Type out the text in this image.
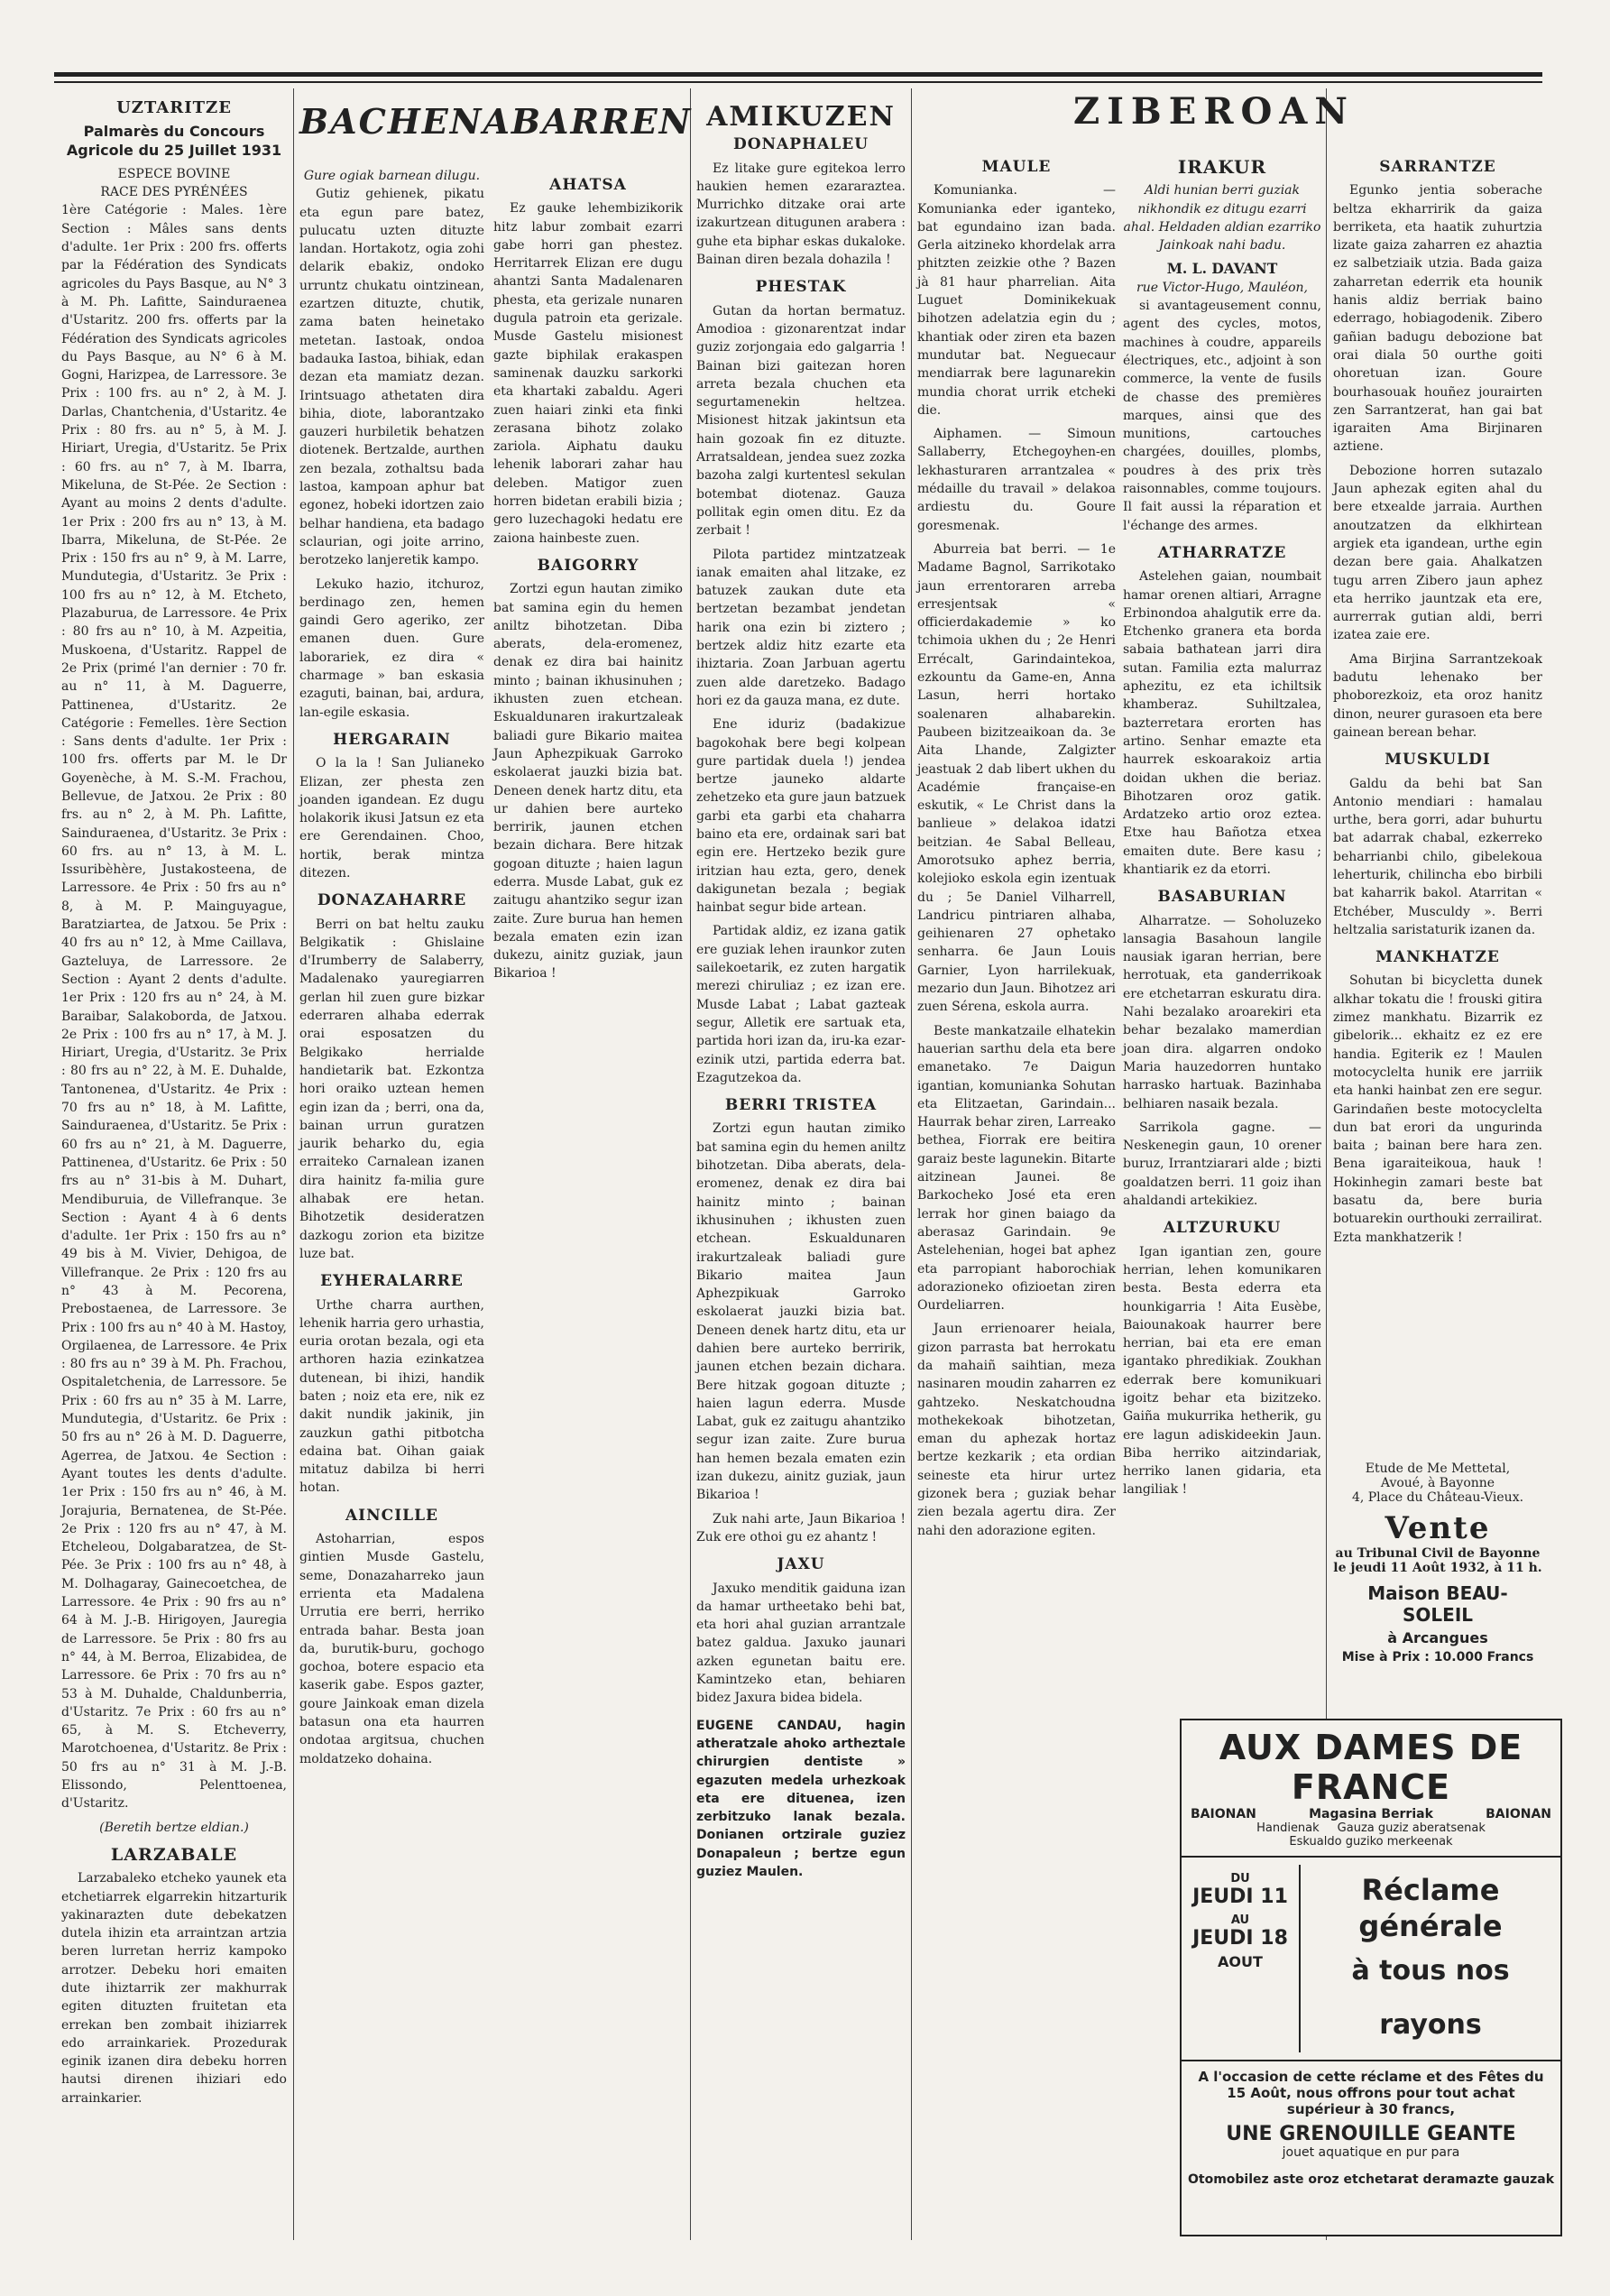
UZTARITZE
Palmarès du Concours Agricole du 25 Juillet 1931
ESPECE BOVINE
RACE DES PYRÉNÉES

1ère Catégorie : Males. 1ère Section : Mâles sans dents d'adulte. 1er Prix : 200 frs. offerts par la Fédération des Syndicats agricoles du Pays Basque, au N° 3 à M. Ph. Lafitte, Sainduraenea d'Ustaritz. 200 frs. offerts par la Fédération des Syndicats agricoles du Pays Basque, au N° 6 à M. Gogni, Harizpea, de Larressore. 3e Prix : 100 frs. au n° 2, à M. J. Darlas, Chantchenia, d'Ustaritz. 4e Prix : 80 frs. au n° 5, à M. J. Hiriart, Uregia, d'Ustaritz. 5e Prix : 60 frs. au n° 7, à M. Ibarra, Mikeluna, de St-Pée. 2e Section : Ayant au moins 2 dents d'adulte. 1er Prix : 200 frs au n° 13, à M. Ibarra, Mikeluna, de St-Pée. 2e Prix : 150 frs au n° 9, à M. Larre, Mundutegia, d'Ustaritz. 3e Prix : 100 frs au n° 12, à M. Etcheto, Plazaburua, de Larressore. 4e Prix : 80 frs au n° 10, à M. Azpeitia, Muskoena, d'Ustaritz. Rappel de 2e Prix (primé l'an dernier : 70 fr. au n° 11, à M. Daguerre, Pattinenea, d'Ustaritz. 2e Catégorie : Femelles. 1ère Section : Sans dents d'adulte. 1er Prix : 100 frs. offerts par M. le Dr Goyenèche, à M. S.-M. Frachou, Bellevue, de Jatxou. 2e Prix : 80 frs. au n° 2, à M. Ph. Lafitte, Sainduraenea, d'Ustaritz. 3e Prix : 60 frs. au n° 13, à M. L. Issuribèhère, Justakosteena, de Larressore. 4e Prix : 50 frs au n° 8, à M. P. Mainguyague, Baratziartea, de Jatxou. 5e Prix : 40 frs au n° 12, à Mme Caillava, Gazteluya, de Larressore. 2e Section : Ayant 2 dents d'adulte. 1er Prix : 120 frs au n° 24, à M. Baraibar, Salakoborda, de Jatxou. 2e Prix : 100 frs au n° 17, à M. J. Hiriart, Uregia, d'Ustaritz. 3e Prix : 80 frs au n° 22, à M. E. Duhalde, Tantonenea, d'Ustaritz. 4e Prix : 70 frs au n° 18, à M. Lafitte, Sainduraenea, d'Ustaritz. 5e Prix : 60 frs au n° 21, à M. Daguerre, Pattinenea, d'Ustaritz. 6e Prix : 50 frs au n° 31-bis à M. Duhart, Mendiburuia, de Villefranque. 3e Section : Ayant 4 à 6 dents d'adulte. 1er Prix : 150 frs au n° 49 bis à M. Vivier, Dehigoa, de Villefranque. 2e Prix : 120 frs au n° 43 à M. Pecorena, Prebostaenea, de Larressore. 3e Prix : 100 frs au n° 40 à M. Hastoy, Orgilaenea, de Larressore. 4e Prix : 80 frs au n° 39 à M. Ph. Frachou, Ospitaletchenia, de Larressore. 5e Prix : 60 frs au n° 35 à M. Larre, Mundutegia, d'Ustaritz. 6e Prix : 50 frs au n° 26 à M. D. Daguerre, Agerrea, de Jatxou. 4e Section : Ayant toutes les dents d'adulte. 1er Prix : 150 frs au n° 46, à M. Jorajuria, Bernatenea, de St-Pée. 2e Prix : 120 frs au n° 47, à M. Etcheleou, Dolgabaratzea, de St-Pée. 3e Prix : 100 frs au n° 48, à M. Dolhagaray, Gainecoetchea, de Larressore. 4e Prix : 90 frs au n° 64 à M. J.-B. Hirigoyen, Jauregia de Larressore. 5e Prix : 80 frs au n° 44, à M. Berroa, Elizabidea, de Larressore. 6e Prix : 70 frs au n° 53 à M. Duhalde, Chaldunberria, d'Ustaritz. 7e Prix : 60 frs au n° 65, à M. S. Etcheverry, Marotchoenea, d'Ustaritz. 8e Prix : 50 frs au n° 31 à M. J.-B. Elissondo, Pelenttoenea, d'Ustaritz.

(Beretih bertze eldian.)
LARZABALE

Larzabaleko etcheko yaunek eta etchetiarrek elgarrekin hitzarturik yakinarazten dute debekatzen dutela ihizin eta arraintzan artzia beren lurretan herriz kampoko arrotzer. Debeku hori emaiten dute ihiztarrik zer makhurrak egiten dituzten fruitetan eta errekan ben zombait ihiziarrek edo arrainkariek. Prozedurak eginik izanen dira debeku horren hautsi direnen ihiziari edo arrainkarier.

BACHENABARREN
Gure ogiak barnean dilugu.

Gutiz gehienek, pikatu eta egun pare batez, pulucatu uzten dituzte landan. Hortakotz, ogia zohi delarik ebakiz, ondoko urruntz chukatu ointzinean, ezartzen dituzte, chutik, zama baten heinetako metetan. Iastoak, ondoa badauka Iastoa, bihiak, edan dezan eta mamiatz dezan. Irintsuago athetaten dira bihia, diote, laborantzako gauzeri hurbiletik behatzen diotenek. Bertzalde, aurthen zen bezala, zothaltsu bada lastoa, kampoan aphur bat egonez, hobeki idortzen zaio belhar handiena, eta badago sclaurian, ogi joite arrino, berotzeko lanjeretik kampo.

Lekuko hazio, itchuroz, berdinago zen, hemen gaindi Gero ageriko, zer emanen duen. Gure laborariek, ez dira « charmage » ban eskasia ezaguti, bainan, bai, ardura, lan-egile eskasia.

HERGARAIN

O la la ! San Julianeko Elizan, zer phesta zen joanden igandean. Ez dugu holakorik ikusi Jatsun ez eta ere Gerendainen. Choo, hortik, berak mintza ditezen.

DONAZAHARRE

Berri on bat heltu zauku Belgikatik : Ghislaine d'Irumberry de Salaberry, Madalenako yauregiarren gerlan hil zuen gure bizkar ederraren alhaba ederrak orai esposatzen du Belgikako herrialde handietarik bat. Ezkontza hori oraiko uztean hemen egin izan da ; berri, ona da, bainan urrun guratzen jaurik beharko du, egia erraiteko Carnalean izanen dira hainitz fa-milia gure alhabak ere hetan. Bihotzetik desideratzen dazkogu zorion eta bizitze luze bat.

EYHERALARRE

Urthe charra aurthen, lehenik harria gero urhastia, euria orotan bezala, ogi eta arthoren hazia ezinkatzea dutenean, bi ihizi, handik baten ; noiz eta ere, nik ez dakit nundik jakinik, jin zauzkun gathi pitbotcha edaina bat. Oihan gaiak mitatuz dabilza bi herri hotan.

AINCILLE

Astoharrian, espos gintien Musde Gastelu, seme, Donazaharreko jaun errienta eta Madalena Urrutia ere berri, herriko entrada bahar. Besta joan da, burutik-buru, gochogo gochoa, botere espacio eta kaserik gabe. Espos gazter, goure Jainkoak eman dizela batasun ona eta haurren ondotaa argitsua, chuchen moldatzeko dohaina.

AHATSA

Ez gauke lehembizikorik hitz labur zombait ezarri gabe horri gan phestez. Herritarrek Elizan ere dugu ahantzi Santa Madalenaren phesta, eta gerizale nunaren dugula patroin eta gerizale. Musde Gastelu misionest gazte biphilak erakaspen saminenak dauzku sarkorki eta khartaki zabaldu. Ageri zuen haiari zinki eta finki zerasana bihotz zolako zariola. Aiphatu dauku lehenik laborari zahar hau deleben. Matigor zuen horren bidetan erabili bizia ; gero luzechagoki hedatu ere zaiona hainbeste zuen.

BAIGORRY

Zortzi egun hautan zimiko bat samina egin du hemen aniltz bihotzetan. Diba aberats, dela-eromenez, denak ez dira bai hainitz minto ; bainan ikhusinuhen ; ikhusten zuen etchean. Eskualdunaren irakurtzaleak baliadi gure Bikario maitea Jaun Aphezpikuak Garroko eskolaerat jauzki bizia bat. Deneen denek hartz ditu, eta ur dahien bere aurteko berririk, jaunen etchen bezain dichara. Bere hitzak gogoan dituzte ; haien lagun ederra. Musde Labat, guk ez zaitugu ahantziko segur izan zaite. Zure burua han hemen bezala ematen ezin izan dukezu, ainitz guziak, jaun Bikarioa !

AMIKUZEN
DONAPHALEU

Ez litake gure egitekoa lerro haukien hemen ezararaztea. Murrichko ditzake orai arte izakurtzean ditugunen arabera : guhe eta biphar eskas dukaloke. Bainan diren bezala dohazila !

PHESTAK

Gutan da hortan bermatuz. Amodioa : gizonarentzat indar guziz zorjongaia edo galgarria ! Bainan bizi gaitezan horen arreta bezala chuchen eta segurtamenekin heltzea. Misionest hitzak jakintsun eta hain gozoak fin ez dituzte. Arratsaldean, jendea suez zozka bazoha zalgi kurtentesl sekulan botembat diotenaz. Gauza pollitak egin omen ditu. Ez da zerbait !

Pilota partidez mintzatzeak ianak emaiten ahal litzake, ez batuzek zaukan dute eta bertzetan bezambat jendetan harik ona ezin bi ziztero ; bertzek aldiz hitz ezarte eta ihiztaria. Zoan Jarbuan agertu zuen alde daretzeko. Badago hori ez da gauza mana, ez dute.

Ene iduriz (badakizue bagokohak bere begi kolpean gure partidak duela !) jendea bertze jauneko aldarte zehetzeko eta gure jaun batzuek garbi eta garbi eta chaharra baino eta ere, ordainak sari bat egin ere. Hertzeko bezik gure iritzian hau ezta, gero, denek dakigunetan bezala ; begiak hainbat segur bide artean.

Partidak aldiz, ez izana gatik ere guziak lehen iraunkor zuten sailekoetarik, ez zuten hargatik merezi chiruliaz ; ez izan ere. Musde Labat ; Labat gazteak segur, Alletik ere sartuak eta, partida hori izan da, iru-ka ezar-ezinik utzi, partida ederra bat. Ezagutzekoa da.

BERRI TRISTEA

Zortzi egun hautan zimiko bat samina egin du hemen aniltz bihotzetan. Diba aberats, dela-eromenez, denak ez dira bai hainitz minto ; bainan ikhusinuhen ; ikhusten zuen etchean. Eskualdunaren irakurtzaleak baliadi gure Bikario maitea Jaun Aphezpikuak Garroko eskolaerat jauzki bizia bat. Deneen denek hartz ditu, eta ur dahien bere aurteko berririk, jaunen etchen bezain dichara. Bere hitzak gogoan dituzte ; haien lagun ederra. Musde Labat, guk ez zaitugu ahantziko segur izan zaite. Zure burua han hemen bezala ematen ezin izan dukezu, ainitz guziak, jaun Bikarioa !

Zuk nahi arte, Jaun Bikarioa ! Zuk ere othoi gu ez ahantz !

JAXU

Jaxuko menditik gaiduna izan da hamar urtheetako behi bat, eta hori ahal guzian arrantzale batez galdua. Jaxuko jaunari azken egunetan baitu ere. Kamintzeko etan, behiaren bidez Jaxura bidea bidela.

EUGENE CANDAU, hagin atheratzale ahoko artheztale chirurgien dentiste » egazuten medela urhezkoak eta ere dituenea, izen zerbitzuko lanak bezala. Donianen ortzirale guziez Donapaleun ; bertze egun guziez Maulen.

ZIBEROAN
MAULE

Komunianka. — Komunianka eder iganteko, bat egundaino izan bada. Gerla aitzineko khordelak arra phitzten zeizkie othe ? Bazen jà 81 haur pharrelian. Aita Luguet Dominikekuak bihotzen adelatzia egin du ; khantiak oder ziren eta bazen mundutar bat. Neguecaur mendiarrak bere lagunarekin mundia chorat urrik etcheki die.

Aiphamen. — Simoun Sallaberry, Etchegoyhen-en lekhasturaren arrantzalea « médaille du travail » delakoa ardiestu du. Goure goresmenak.

Aburreia bat berri. — 1e Madame Bagnol, Sarrikotako jaun errentoraren arreba erresjentsak « officierdakademie » ko tchimoia ukhen du ; 2e Henri Errécalt, Garindaintekoa, ezkountu da Game-en, Anna Lasun, herri hortako soalenaren alhabarekin. Paubeen bizitzeaikoan da. 3e Aita Lhande, Zalgizter jeastuak 2 dab libert ukhen du Académie française-en eskutik, « Le Christ dans la banlieue » delakoa idatzi beitzian. 4e Sabal Belleau, Amorotsuko aphez berria, kolejioko eskola egin izentuak du ; 5e Daniel Vilharrell, Landricu pintriaren alhaba, geihienaren 27 ophetako senharra. 6e Jaun Louis Garnier, Lyon harrilekuak, mezario dun Jaun. Bihotzez ari zuen Sérena, eskola aurra.

Beste mankatzaile elhatekin hauerian sarthu dela eta bere emanetako. 7e Daigun igantian, komunianka Sohutan eta Elitzaetan, Garindain... Haurrak behar ziren, Larreako bethea, Fiorrak ere beitira garaiz beste lagunekin. Bitarte aitzinean Jaunei. 8e Barkocheko José eta eren lerrak hor ginen baiago da aberasaz Garindain. 9e Astelehenian, hogei bat aphez eta parropiant haborochiak adorazioneko ofizioetan ziren Ourdeliarren.

Jaun errienoarer heiala, gizon parrasta bat herrokatu da mahaiñ saihtian, meza nasinaren moudin zaharren ez gahtzeko. Neskatchoudna mothekekoak bihotzetan, eman du aphezak hortaz bertze kezkarik ; eta ordian seineste eta hirur urtez gizonek bera ; guziak behar zien bezala agertu dira. Zer nahi den adorazione egiten.

IRAKUR

Aldi hunian berri guziak nikhondik ez ditugu ezarri ahal. Heldaden aldian ezarriko Jainkoak nahi badu.

M. L. DAVANT
rue Victor-Hugo, Mauléon,

si avantageusement connu, agent des cycles, motos, machines à coudre, appareils électriques, etc., adjoint à son commerce, la vente de fusils de chasse des premières marques, ainsi que des munitions, cartouches chargées, douilles, plombs, poudres à des prix très raisonnables, comme toujours. Il fait aussi la réparation et l'échange des armes.

ATHARRATZE

Astelehen gaian, noumbait hamar orenen altiari, Arragne Erbinondoa ahalgutik erre da. Etchenko granera eta borda sabaia bathatean jarri dira sutan. Familia ezta malurraz aphezitu, ez eta ichiltsik khamberaz. Suhiltzalea, bazterretara erorten has artino. Senhar emazte eta haurrek eskoarakoiz artia doidan ukhen die beriaz. Bihotzaren oroz gatik. Ardatzeko artio oroz eztea. Etxe hau Bañotza etxea emaiten dute. Bere kasu ; khantiarik ez da etorri.

BASABURIAN

Alharratze. — Soholuzeko lansagia Basahoun langile nausiak igaran herrian, bere herrotuak, eta ganderrikoak ere etchetarran eskuratu dira. Nahi bezalako aroarekiri eta behar bezalako mamerdian joan dira. algarren ondoko Maria hauzedorren huntako harrasko hartuak. Bazinhaba belhiaren nasaik bezala.

Sarrikola gagne. — Neskenegin gaun, 10 orener buruz, Irrantziarari alde ; bizti goaldatzen berri. 11 goiz ihan ahaldandi artekikiez.

ALTZURUKU

Igan igantian zen, goure herrian, lehen komunikaren besta. Besta ederra eta hounkigarria ! Aita Eusèbe, Baiounakoak haurrer bere herrian, bai eta ere eman igantako phredikiak. Zoukhan ederrak bere komunikuari igoitz behar eta bizitzeko. Gaiña mukurrika hetherik, gu ere lagun adiskideekin Jaun. Biba herriko aitzindariak, herriko lanen gidaria, eta langiliak !

SARRANTZE

Egunko jentia soberache beltza ekharririk da gaiza berriketa, eta haatik zuhurtzia lizate gaiza zaharren ez ahaztia ez salbetziaik utzia. Bada gaiza zaharretan ederrik eta hounik hanis aldiz berriak baino ederrago, hobiagodenik. Zibero gañian badugu debozione bat orai diala 50 ourthe goiti ohoretuan izan. Goure bourhasouak houñez jourairten zen Sarrantzerat, han gai bat igaraiten Ama Birjinaren aztiene.

Debozione horren sutazalo Jaun aphezak egiten ahal du bere etxealde jarraia. Aurthen anoutzatzen da elkhirtean argiek eta igandean, urthe egin dezan bere gaia. Ahalkatzen tugu arren Zibero jaun aphez eta herriko jauntzak eta ere, aurrerrak gutian aldi, berri izatea zaie ere.

Ama Birjina Sarrantzekoak badutu lehenako ber phoborezkoiz, eta oroz hanitz dinon, neurer gurasoen eta bere gainean berean behar.

MUSKULDI

Galdu da behi bat San Antonio mendiari : hamalau urthe, bera gorri, adar buhurtu bat adarrak chabal, ezkerreko beharrianbi chilo, gibelekoua leherturik, chilincha ebo birbili bat kaharrik bakol. Atarritan « Etchéber, Musculdy ». Berri heltzalia saristaturik izanen da.

MANKHATZE

Sohutan bi bicycletta dunek alkhar tokatu die ! frouski gitira zimez mankhatu. Bizarrik ez gibelorik... ekhaitz ez ez ere handia. Egiterik ez ! Maulen motocyclelta hunik ere jarriik eta hanki hainbat zen ere segur. Garindañen beste motocyclelta dun bat erori da ungurinda baita ; bainan bere hara zen. Bena igaraiteikoua, hauk ! Hokinhegin zamari beste bat basatu da, bere buria botuarekin ourthouki zerrailirat. Ezta mankhatzerik !

Etude de Me Mettetal,
Avoué, à Bayonne
4, Place du Château-Vieux.
Vente
au Tribunal Civil de Bayonne
le jeudi 11 Août 1932, à 11 h.
Maison BEAU-SOLEIL
à Arcangues
Mise à Prix : 10.000 Francs
AUX DAMES DE FRANCE
BAIONAN	Magasina Berriak	BAIONAN
Handienak Gauza guziz aberatsenak
Eskualdo guziko merkeenak
DU
JEUDI 11
AU
JEUDI 18
AOUT
Réclame générale
à tous nos rayons
A l'occasion de cette réclame et des Fêtes du 15 Août, nous offrons pour tout achat supérieur à 30 francs,
UNE GRENOUILLE GEANTE
jouet aquatique en pur para
Otomobilez aste oroz etchetarat deramazte gauzak
